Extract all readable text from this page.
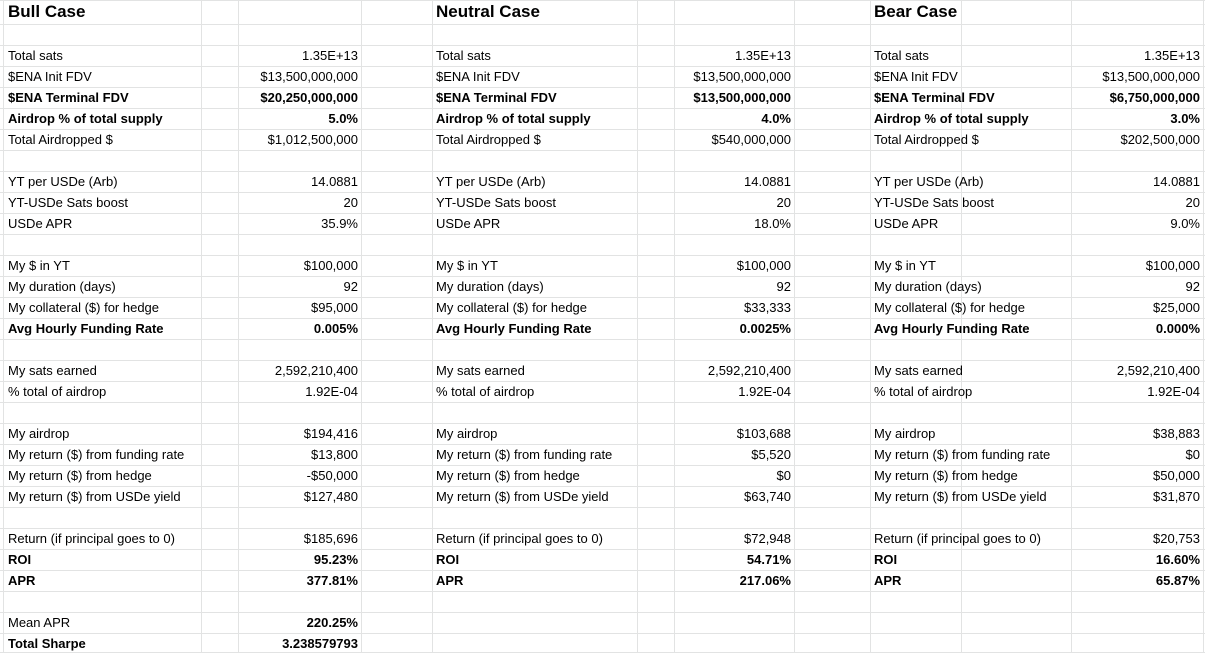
Bull Case
Total sats	1.35E+13
$ENA Init FDV	$13,500,000,000
$ENA Terminal FDV	$20,250,000,000
Airdrop % of total supply	5.0%
Total Airdropped $	$1,012,500,000
YT per USDe (Arb)	14.0881
YT-USDe Sats boost	20
USDe APR	35.9%
My $ in YT	$100,000
My duration (days)	92
My collateral ($) for hedge	$95,000
Avg Hourly Funding Rate	0.005%
My sats earned	2,592,210,400
% total of airdrop	1.92E-04
My airdrop	$194,416
My return ($) from funding rate	$13,800
My return ($) from hedge	-$50,000
My return ($) from USDe yield	$127,480
Return (if principal goes to 0)	$185,696
ROI	95.23%
APR	377.81%
Neutral Case
Total sats	1.35E+13
$ENA Init FDV	$13,500,000,000
$ENA Terminal FDV	$13,500,000,000
Airdrop % of total supply	4.0%
Total Airdropped $	$540,000,000
YT per USDe (Arb)	14.0881
YT-USDe Sats boost	20
USDe APR	18.0%
My $ in YT	$100,000
My duration (days)	92
My collateral ($) for hedge	$33,333
Avg Hourly Funding Rate	0.0025%
My sats earned	2,592,210,400
% total of airdrop	1.92E-04
My airdrop	$103,688
My return ($) from funding rate	$5,520
My return ($) from hedge	$0
My return ($) from USDe yield	$63,740
Return (if principal goes to 0)	$72,948
ROI	54.71%
APR	217.06%
Bear Case
Total sats	1.35E+13
$ENA Init FDV	$13,500,000,000
$ENA Terminal FDV	$6,750,000,000
Airdrop % of total supply	3.0%
Total Airdropped $	$202,500,000
YT per USDe (Arb)	14.0881
YT-USDe Sats boost	20
USDe APR	9.0%
My $ in YT	$100,000
My duration (days)	92
My collateral ($) for hedge	$25,000
Avg Hourly Funding Rate	0.000%
My sats earned	2,592,210,400
% total of airdrop	1.92E-04
My airdrop	$38,883
My return ($) from funding rate	$0
My return ($) from hedge	$50,000
My return ($) from USDe yield	$31,870
Return (if principal goes to 0)	$20,753
ROI	16.60%
APR	65.87%
Mean APR	220.25%
Total Sharpe	3.238579793
